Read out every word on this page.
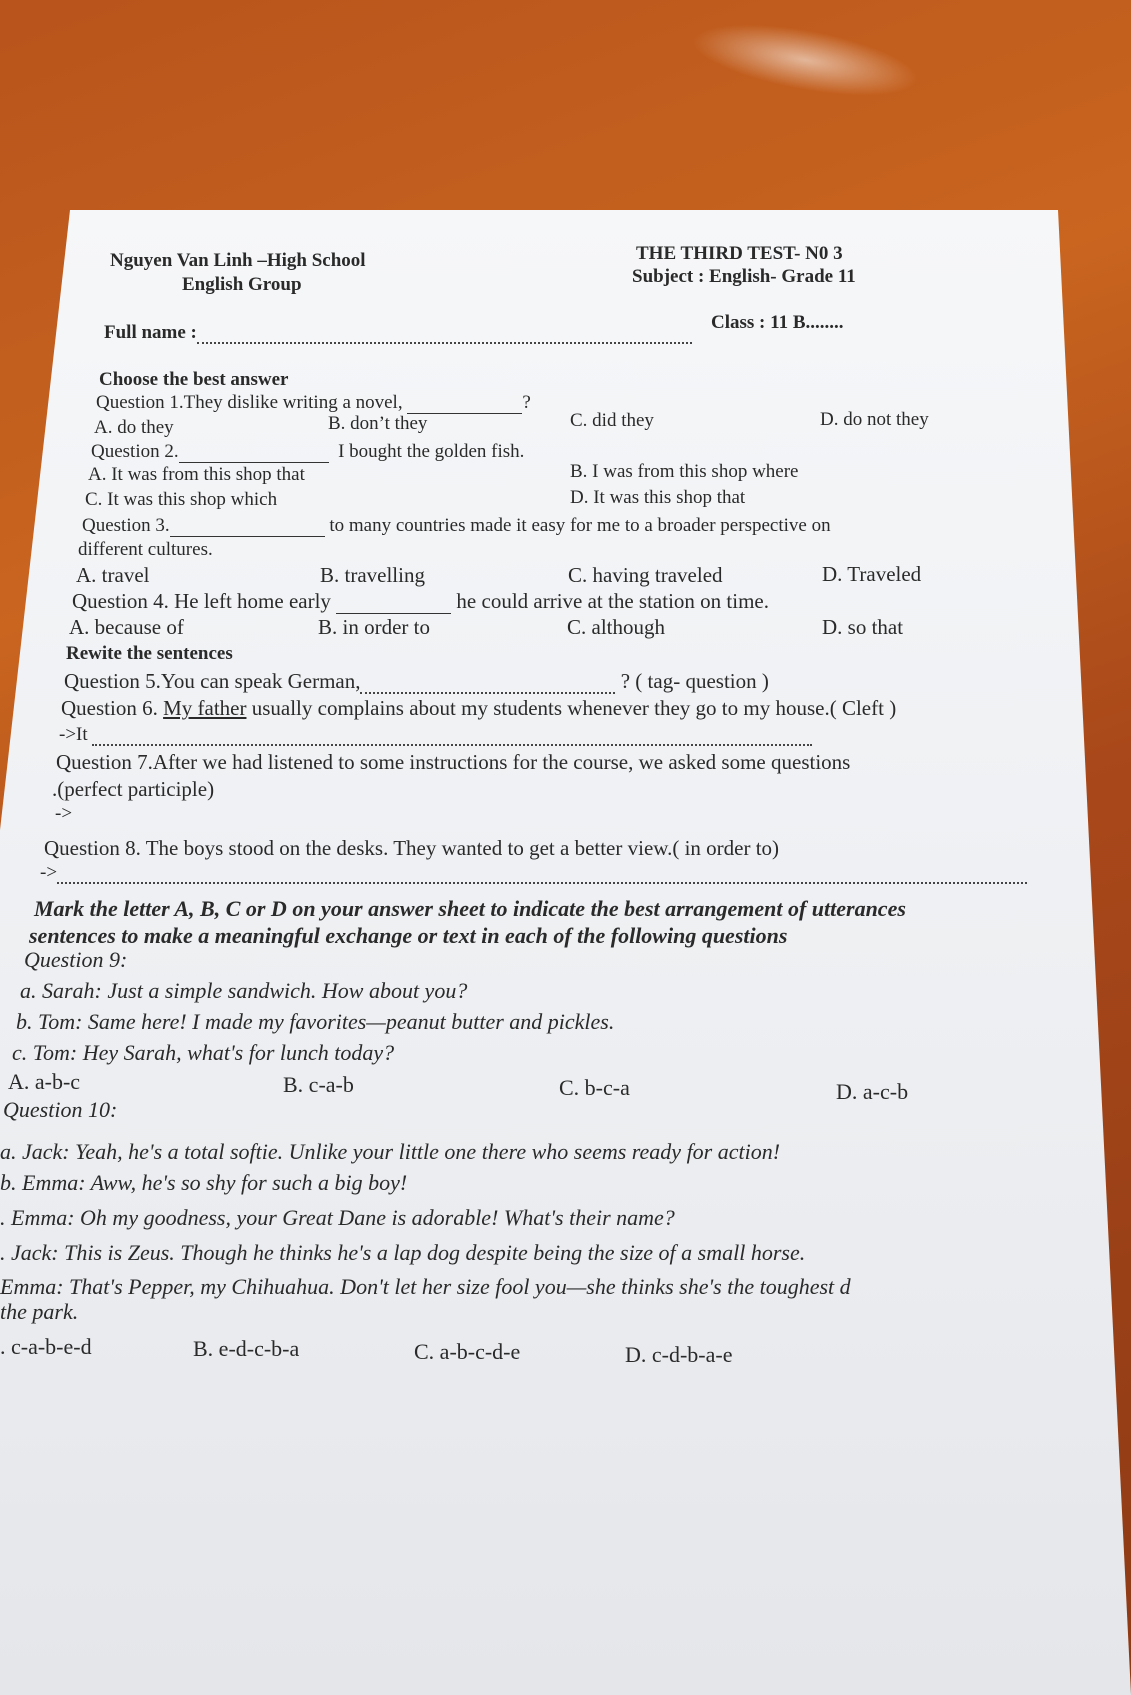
Nguyen Van Linh –High School
English Group
THE THIRD TEST- N0 3
Subject : English- Grade 11
Full name :	Class : 11 B........
Choose the best answer
Question 1.They dislike writing a novel,	?
A. do they	B. don’t they	C. did they	D. do not they
Question 2.	I bought the golden fish.
A. It was from this shop that	B. I was from this shop where
C. It was this shop which	D. It was this shop that
Question 3.	to many countries made it easy for me to a broader perspective on
different cultures.
A. travel	B. travelling	C. having traveled	D. Traveled
Question 4. He left home early	he could arrive at the station on time.
A. because of	B. in order to	C. although	D. so that
Rewite the sentences
Question 5.You can speak German,	? ( tag- question )
Question 6. My father usually complains about my students whenever they go to my house.( Cleft )
->It
Question 7.After we had listened to some instructions for the course, we asked some questions
.(perfect participle)
->
Question 8. The boys stood on the desks. They wanted to get a better view.( in order to)
->
Mark the letter A, B, C or D on your answer sheet to indicate the best arrangement of utterances
sentences to make a meaningful exchange or text in each of the following questions
Question 9:
a. Sarah: Just a simple sandwich. How about you?
b. Tom: Same here! I made my favorites—peanut butter and pickles.
c. Tom: Hey Sarah, what's for lunch today?
A. a-b-c	B. c-a-b	C. b-c-a	D. a-c-b
Question 10:
a. Jack: Yeah, he's a total softie. Unlike your little one there who seems ready for action!
b. Emma: Aww, he's so shy for such a big boy!
. Emma: Oh my goodness, your Great Dane is adorable! What's their name?
. Jack: This is Zeus. Though he thinks he's a lap dog despite being the size of a small horse.
Emma: That's Pepper, my Chihuahua. Don't let her size fool you—she thinks she's the toughest d
the park.
. c-a-b-e-d	B. e-d-c-b-a	C. a-b-c-d-e	D. c-d-b-a-e
